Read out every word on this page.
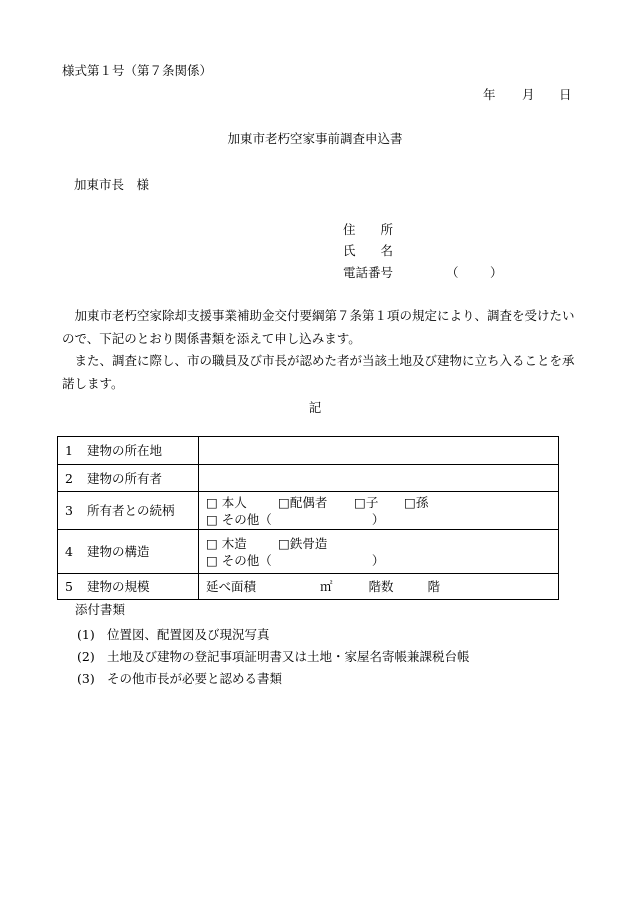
様式第１号（第７条関係）
年 月 日
加東市老朽空家事前調査申込書
加東市長　様
住　　所
氏　　名
電話番号	（	）
加東市老朽空家除却支援事業補助金交付要綱第７条第１項の規定により、調査を受けたいので、下記のとおり関係書類を添えて申し込みます。
また、調査に際し、市の職員及び市長が認めた者が当該土地及び建物に立ち入ることを承諾します。
記
1 建物の所在地	
2 建物の所有者	
3 所有者との続柄	□ 本人 □配偶者 □子 □孫
□ その他（ ）
4 建物の構造	□ 木造 □鉄骨造
□ その他（ ）
5 建物の規模	延べ面積 ㎡ 階数 階
添付書類
(1) 位置図、配置図及び現況写真
(2) 土地及び建物の登記事項証明書又は土地・家屋名寄帳兼課税台帳
(3) その他市長が必要と認める書類
